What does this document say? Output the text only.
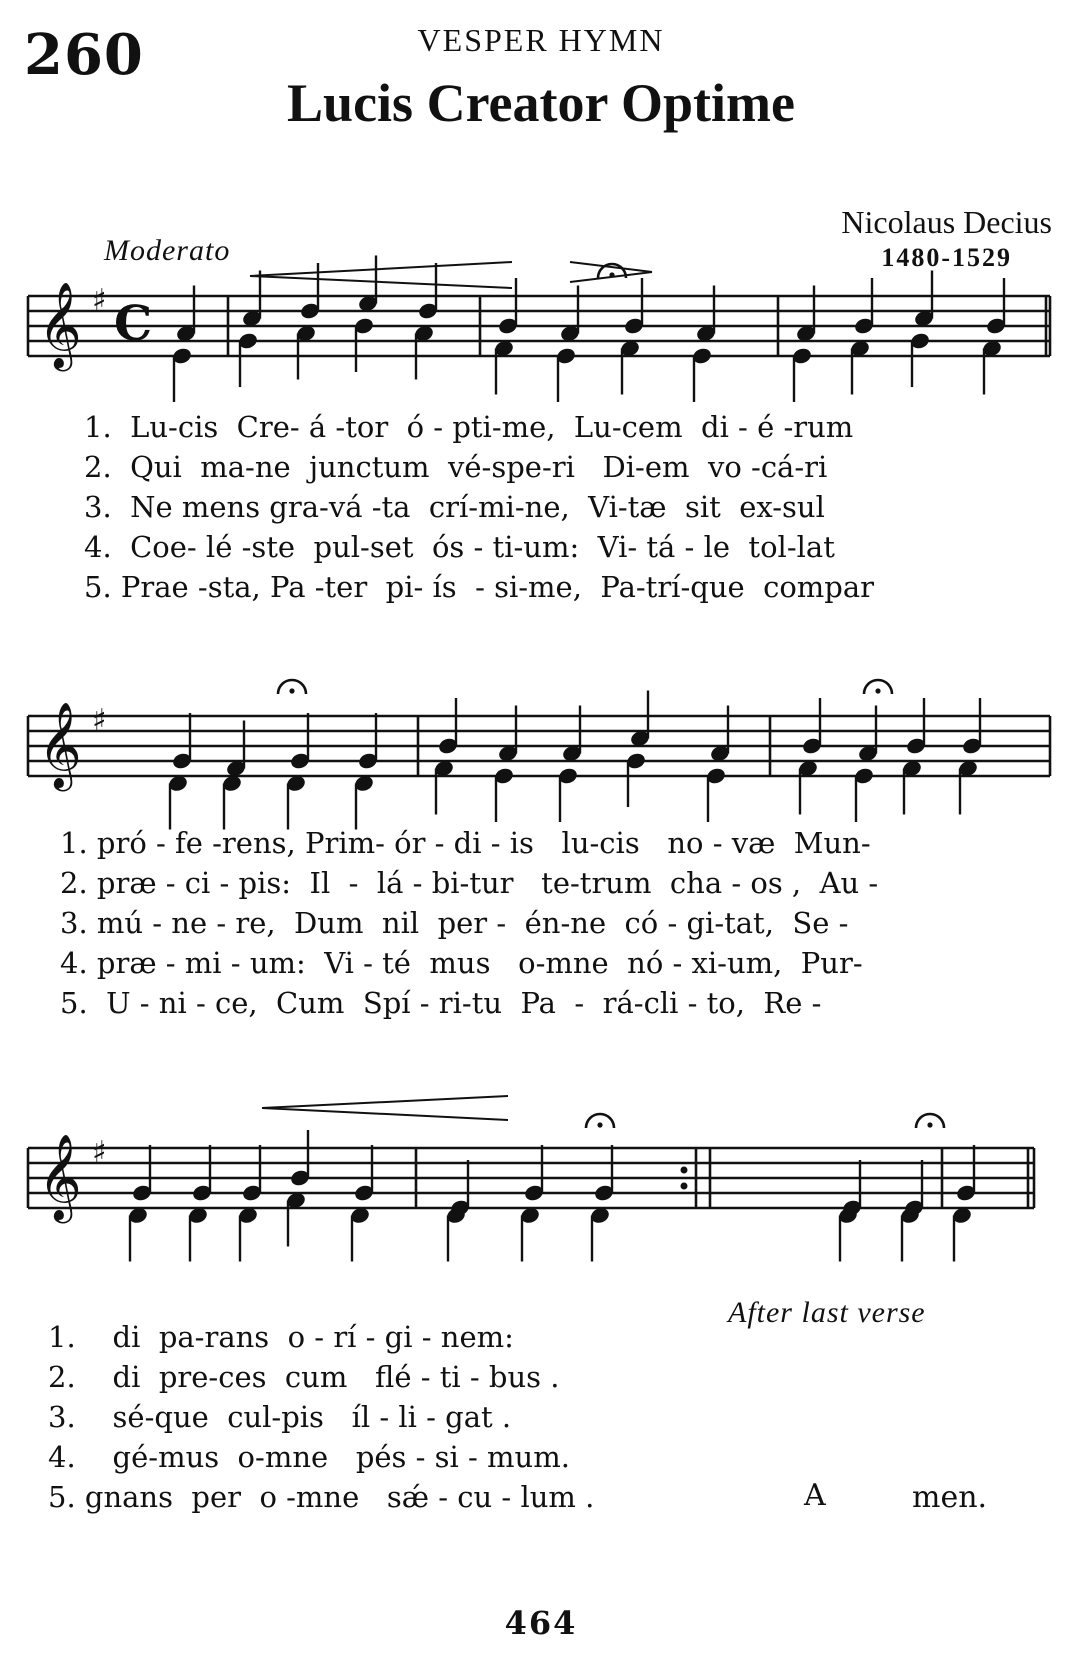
260	VESPER HYMN
Lucis Creator Optime
Nicolaus Decius
1480-1529
Moderato
𝄞 ♯ C
𝄞 ♯
𝄞 ♯
1.  Lu-cis  Cre- á -tor  ó - pti-me,  Lu-cem  di - é -rum
2.  Qui  ma-ne  junctum  vé-spe-ri   Di-em  vo -cá-ri
3.  Ne mens gra-vá -ta  crí-mi-ne,  Vi-tæ  sit  ex-sul
4.  Coe- lé -ste  pul-set  ós - ti-um:  Vi- tá - le  tol-lat
5. Prae -sta, Pa -ter  pi- ís  - si-me,  Pa-trí-que  compar
1. pró - fe -rens, Prim- ór - di - is   lu-cis   no - væ  Mun-
2. præ - ci - pis:  Il  -  lá - bi-tur   te-trum  cha - os ,  Au -
3. mú - ne - re,  Dum  nil  per -  én-ne  có - gi-tat,  Se -
4. præ - mi - um:  Vi - té  mus   o-mne  nó - xi-um,  Pur-
5.  U - ni - ce,  Cum  Spí - ri-tu  Pa  -  rá-cli - to,  Re -
1.    di  pa-rans  o - rí - gi - nem:
2.    di  pre-ces  cum   flé - ti - bus .
3.    sé-que  cul-pis   íl - li - gat .
4.    gé-mus  o-mne   pés - si - mum.
5. gnans  per  o -mne   sǽ - cu - lum .
After last verse
A	men.
464
